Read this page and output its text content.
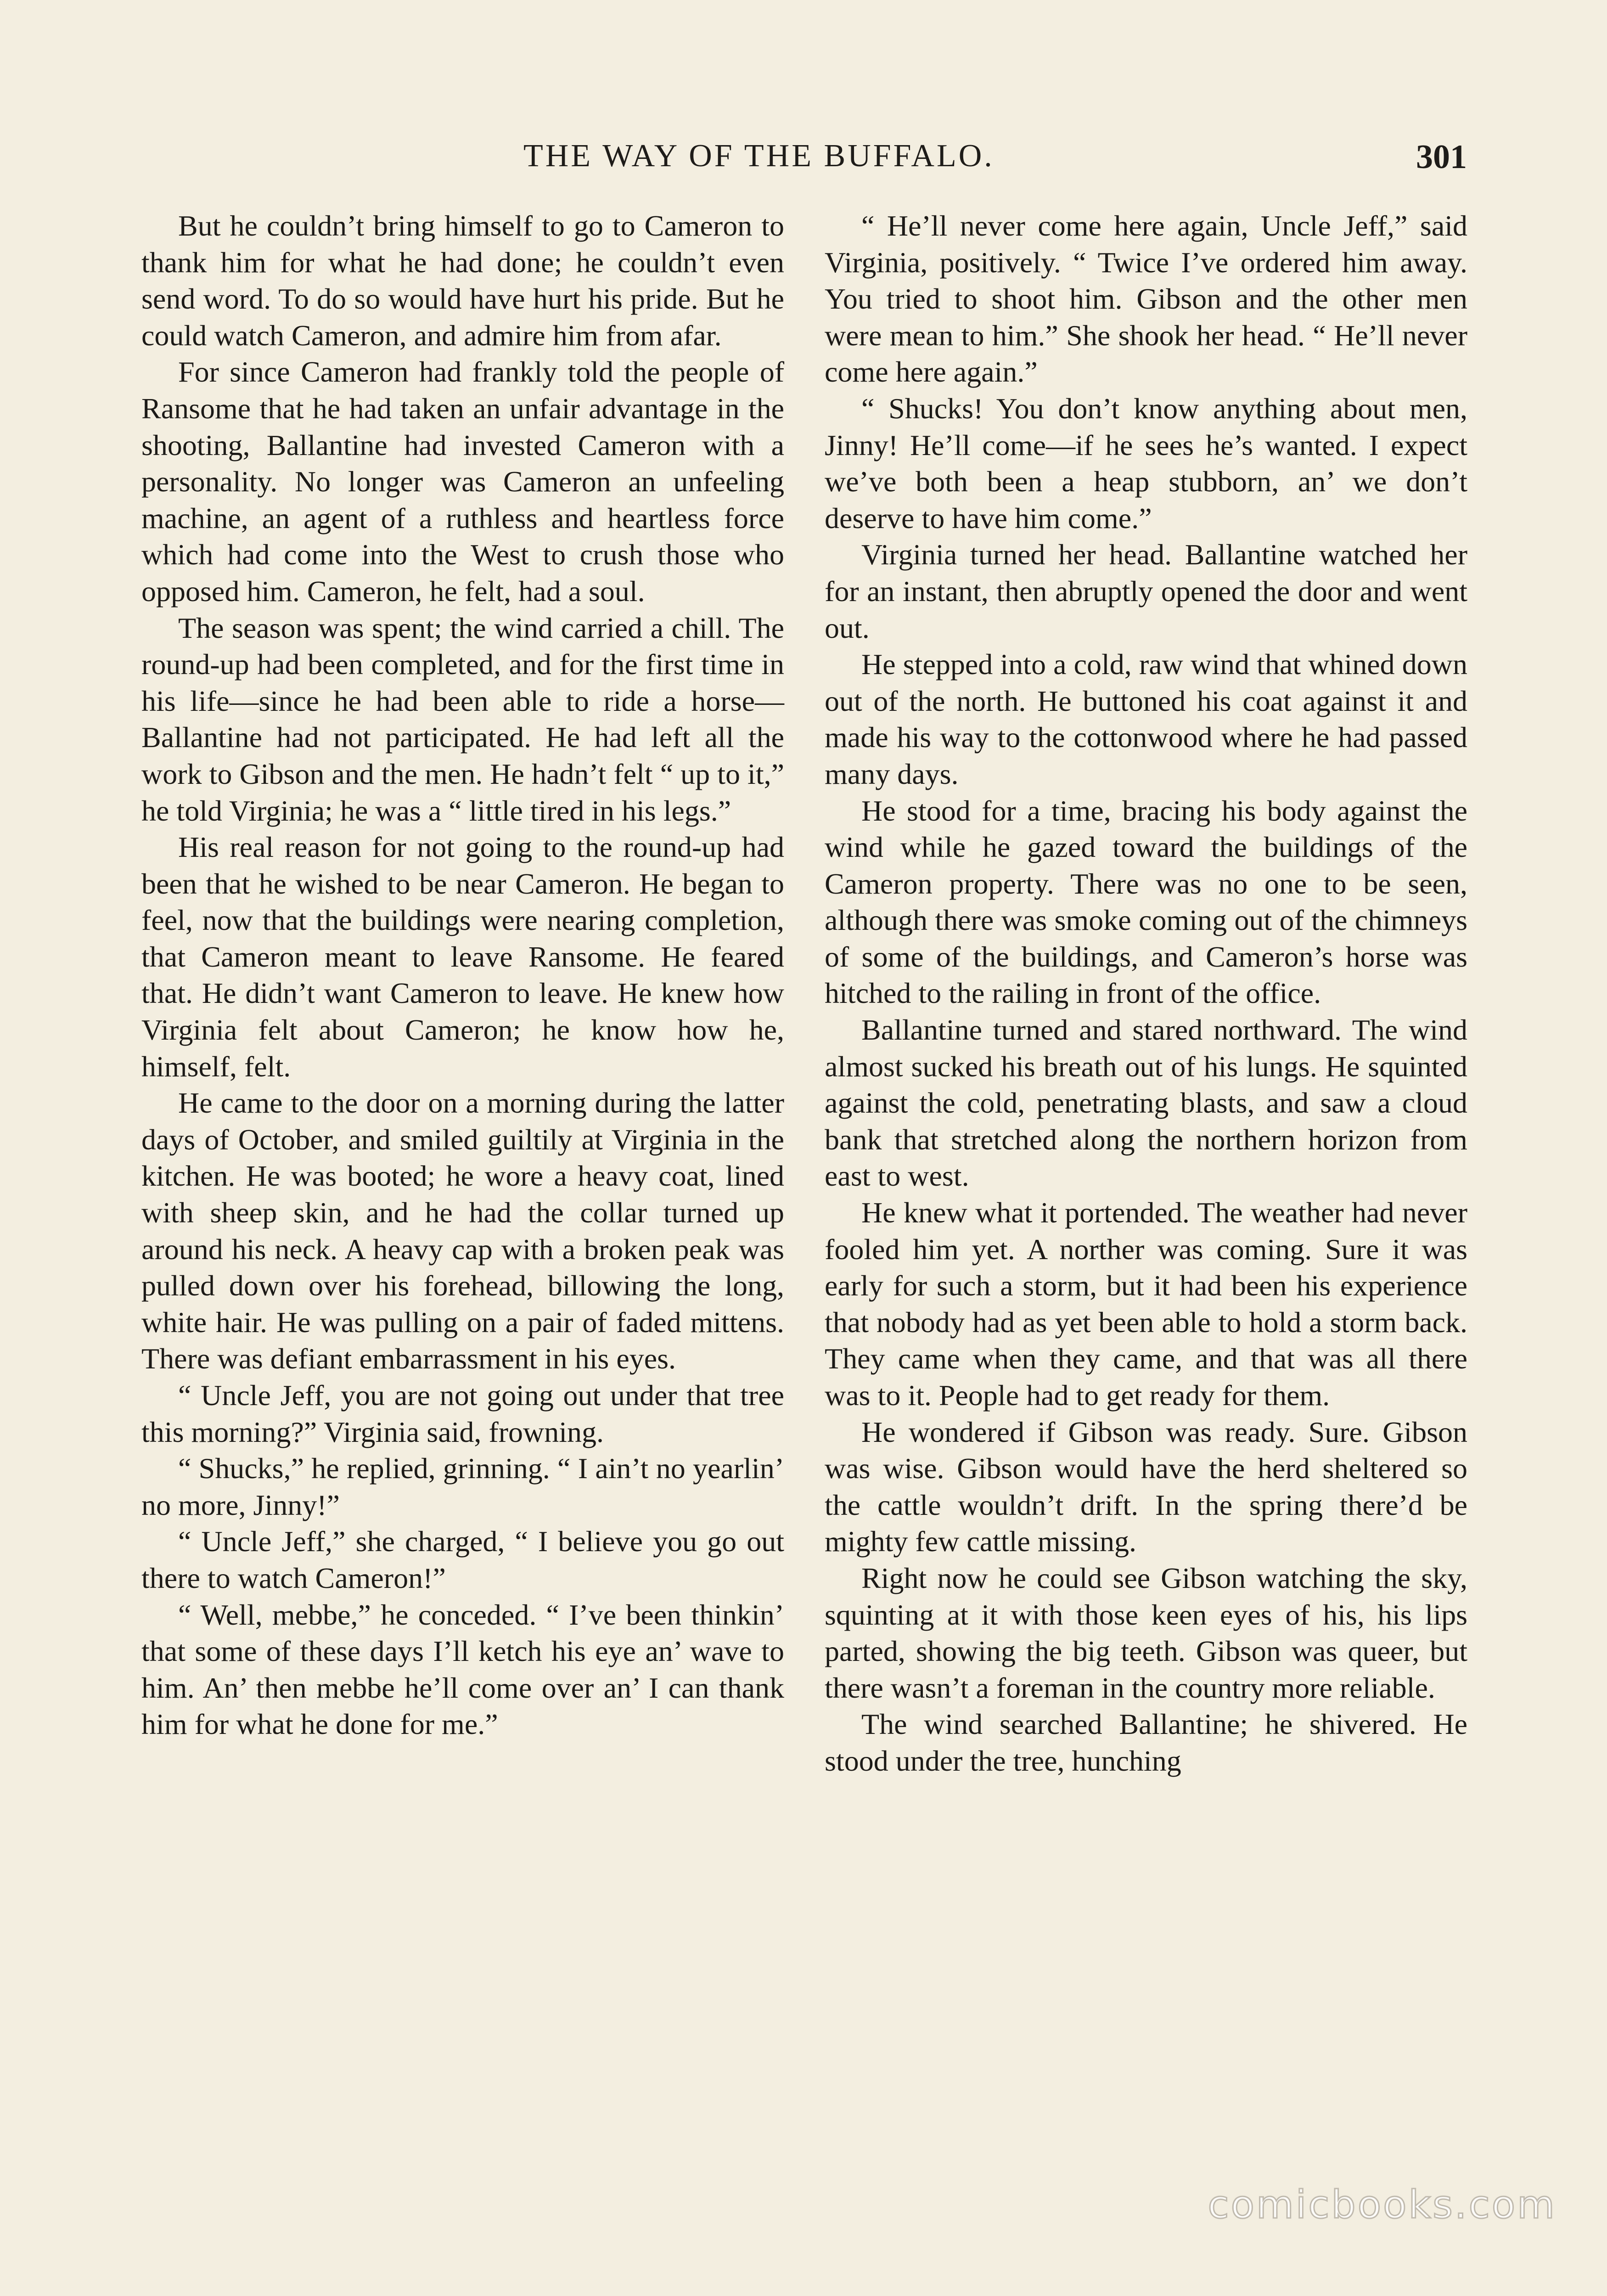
THE WAY OF THE BUFFALO.	301

But he couldn’t bring himself to go to Cameron to thank him for what he had done; he couldn’t even send word. To do so would have hurt his pride. But he could watch Cameron, and admire him from afar.

For since Cameron had frankly told the people of Ransome that he had taken an unfair advantage in the shooting, Ballantine had invested Cameron with a personality. No longer was Cameron an unfeeling machine, an agent of a ruthless and heartless force which had come into the West to crush those who opposed him. Cameron, he felt, had a soul.

The season was spent; the wind carried a chill. The round-up had been completed, and for the first time in his life—since he had been able to ride a horse—Ballantine had not participated. He had left all the work to Gibson and the men. He hadn’t felt “ up to it,” he told Virginia; he was a “ little tired in his legs.”

His real reason for not going to the round-up had been that he wished to be near Cameron. He began to feel, now that the buildings were nearing completion, that Cameron meant to leave Ransome. He feared that. He didn’t want Cameron to leave. He knew how Virginia felt about Cameron; he know how he, himself, felt.

He came to the door on a morning during the latter days of October, and smiled guiltily at Virginia in the kitchen. He was booted; he wore a heavy coat, lined with sheep skin, and he had the collar turned up around his neck. A heavy cap with a broken peak was pulled down over his forehead, billowing the long, white hair. He was pulling on a pair of faded mittens. There was defiant embarrassment in his eyes.

“ Uncle Jeff, you are not going out under that tree this morning?” Virginia said, frowning.

“ Shucks,” he replied, grinning. “ I ain’t no yearlin’ no more, Jinny!”

“ Uncle Jeff,” she charged, “ I believe you go out there to watch Cameron!”

“ Well, mebbe,” he conceded. “ I’ve been thinkin’ that some of these days I’ll ketch his eye an’ wave to him. An’ then mebbe he’ll come over an’ I can thank him for what he done for me.”

“ He’ll never come here again, Uncle Jeff,” said Virginia, positively. “ Twice I’ve ordered him away. You tried to shoot him. Gibson and the other men were mean to him.” She shook her head. “ He’ll never come here again.”

“ Shucks! You don’t know anything about men, Jinny! He’ll come—if he sees he’s wanted. I expect we’ve both been a heap stubborn, an’ we don’t deserve to have him come.”

Virginia turned her head. Ballantine watched her for an instant, then abruptly opened the door and went out.

He stepped into a cold, raw wind that whined down out of the north. He buttoned his coat against it and made his way to the cottonwood where he had passed many days.

He stood for a time, bracing his body against the wind while he gazed toward the buildings of the Cameron property. There was no one to be seen, although there was smoke coming out of the chimneys of some of the buildings, and Cameron’s horse was hitched to the railing in front of the office.

Ballantine turned and stared northward. The wind almost sucked his breath out of his lungs. He squinted against the cold, penetrating blasts, and saw a cloud bank that stretched along the northern horizon from east to west.

He knew what it portended. The weather had never fooled him yet. A norther was coming. Sure it was early for such a storm, but it had been his experience that nobody had as yet been able to hold a storm back. They came when they came, and that was all there was to it. People had to get ready for them.

He wondered if Gibson was ready. Sure. Gibson was wise. Gibson would have the herd sheltered so the cattle wouldn’t drift. In the spring there’d be mighty few cattle missing.

Right now he could see Gibson watching the sky, squinting at it with those keen eyes of his, his lips parted, showing the big teeth. Gibson was queer, but there wasn’t a foreman in the country more reliable.

The wind searched Ballantine; he shivered. He stood under the tree, hunching

comicbooks.com
